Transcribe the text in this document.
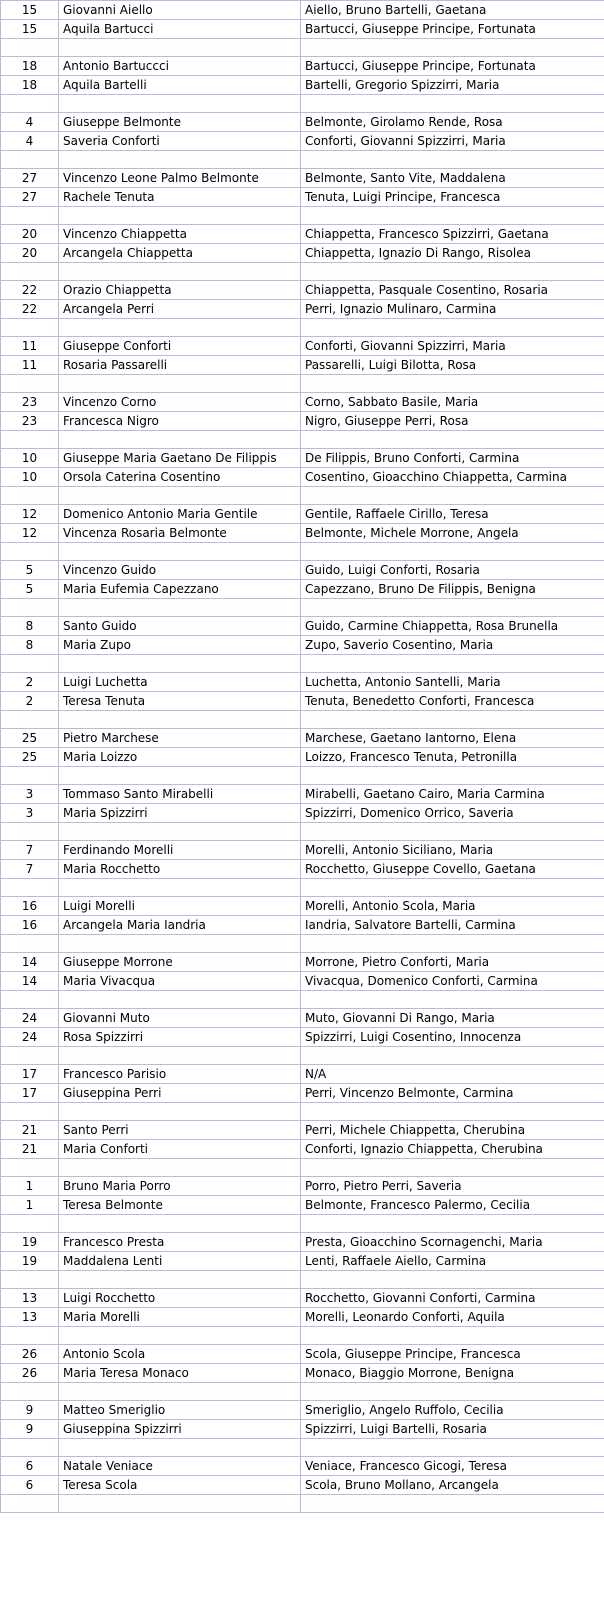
15	Giovanni Aiello	Aiello, Bruno Bartelli, Gaetana
15	Aquila Bartucci	Bartucci, Giuseppe Principe, Fortunata

18	Antonio Bartuccci	Bartucci, Giuseppe Principe, Fortunata
18	Aquila Bartelli	Bartelli, Gregorio Spizzirri, Maria

4	Giuseppe Belmonte	Belmonte, Girolamo Rende, Rosa
4	Saveria Conforti	Conforti, Giovanni Spizzirri, Maria

27	Vincenzo Leone Palmo Belmonte	Belmonte, Santo Vite, Maddalena
27	Rachele Tenuta	Tenuta, Luigi Principe, Francesca

20	Vincenzo Chiappetta	Chiappetta, Francesco Spizzirri, Gaetana
20	Arcangela Chiappetta	Chiappetta, Ignazio Di Rango, Risolea

22	Orazio Chiappetta	Chiappetta, Pasquale Cosentino, Rosaria
22	Arcangela Perri	Perri, Ignazio Mulinaro, Carmina

11	Giuseppe Conforti	Conforti, Giovanni Spizzirri, Maria
11	Rosaria Passarelli	Passarelli, Luigi Bilotta, Rosa

23	Vincenzo Corno	Corno, Sabbato Basile, Maria
23	Francesca Nigro	Nigro, Giuseppe Perri, Rosa

10	Giuseppe Maria Gaetano De Filippis	De Filippis, Bruno Conforti, Carmina
10	Orsola Caterina Cosentino	Cosentino, Gioacchino Chiappetta, Carmina

12	Domenico Antonio Maria Gentile	Gentile, Raffaele Cirillo, Teresa
12	Vincenza Rosaria Belmonte	Belmonte, Michele Morrone, Angela

5	Vincenzo Guido	Guido, Luigi Conforti, Rosaria
5	Maria Eufemia Capezzano	Capezzano, Bruno De Filippis, Benigna

8	Santo Guido	Guido, Carmine Chiappetta, Rosa Brunella
8	Maria Zupo	Zupo, Saverio Cosentino, Maria

2	Luigi Luchetta	Luchetta, Antonio Santelli, Maria
2	Teresa Tenuta	Tenuta, Benedetto Conforti, Francesca

25	Pietro Marchese	Marchese, Gaetano Iantorno, Elena
25	Maria Loizzo	Loizzo, Francesco Tenuta, Petronilla

3	Tommaso Santo Mirabelli	Mirabelli, Gaetano Cairo, Maria Carmina
3	Maria Spizzirri	Spizzirri, Domenico Orrico, Saveria

7	Ferdinando Morelli	Morelli, Antonio Siciliano, Maria
7	Maria Rocchetto	Rocchetto, Giuseppe Covello, Gaetana

16	Luigi Morelli	Morelli, Antonio Scola, Maria
16	Arcangela Maria Iandria	Iandria, Salvatore Bartelli, Carmina

14	Giuseppe Morrone	Morrone, Pietro Conforti, Maria
14	Maria Vivacqua	Vivacqua, Domenico Conforti, Carmina

24	Giovanni Muto	Muto, Giovanni Di Rango, Maria
24	Rosa Spizzirri	Spizzirri, Luigi Cosentino, Innocenza

17	Francesco Parisio	N/A
17	Giuseppina Perri	Perri, Vincenzo Belmonte, Carmina

21	Santo Perri	Perri, Michele Chiappetta, Cherubina
21	Maria Conforti	Conforti, Ignazio Chiappetta, Cherubina

1	Bruno Maria Porro	Porro, Pietro Perri, Saveria
1	Teresa Belmonte	Belmonte, Francesco Palermo, Cecilia

19	Francesco Presta	Presta, Gioacchino Scornagenchi, Maria
19	Maddalena Lenti	Lenti, Raffaele Aiello, Carmina

13	Luigi Rocchetto	Rocchetto, Giovanni Conforti, Carmina
13	Maria Morelli	Morelli, Leonardo Conforti, Aquila

26	Antonio Scola	Scola, Giuseppe Principe, Francesca
26	Maria Teresa Monaco	Monaco, Biaggio Morrone, Benigna

9	Matteo Smeriglio	Smeriglio, Angelo Ruffolo, Cecilia
9	Giuseppina Spizzirri	Spizzirri, Luigi Bartelli, Rosaria

6	Natale Veniace	Veniace, Francesco Gicogi, Teresa
6	Teresa Scola	Scola, Bruno Mollano, Arcangela
